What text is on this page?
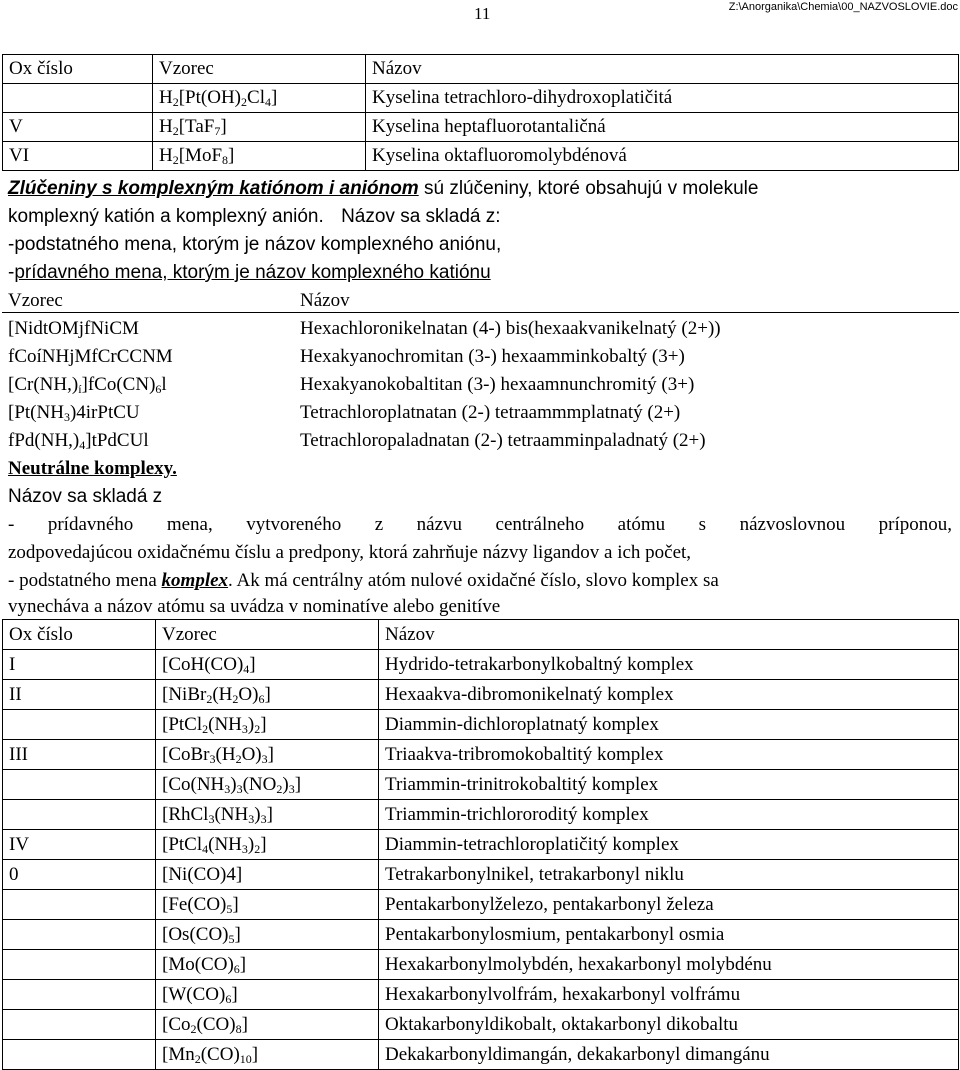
11	Z:\Anorganika\Chemia\00_NAZVOSLOVIE.doc
Ox číslo	Vzorec	Názov
	$H_2[Pt(OH)_2Cl_4]$	Kyselina tetrachloro-dihydroxoplatičitá
V	$H_2[TaF_7]$	Kyselina heptafluorotantaličná
VI	$H_2[MoF_8]$	Kyselina oktafluoromolybdénová
Zlúčeniny s komplexným katiónom i aniónom sú zlúčeniny, ktoré obsahujú v molekule
komplexný katión a komplexný anión. Názov sa skladá z:
-podstatného mena, ktorým je názov komplexného aniónu,
-prídavného mena, ktorým je názov komplexného katiónu
Vzorec	Názov
[NidtOMjfNiCM	Hexachloronikelnatan (4-) bis(hexaakvanikelnatý (2+))
fCoíNHjMfCrCCNM	Hexakyanochromitan (3-) hexaamminkobaltý (3+)
$[Cr(NH,)_í]fCo(CN)_6l$	Hexakyanokobaltitan (3-) hexaamnunchromitý (3+)
[$Pt(NH_3)4irPtCU$	Tetrachloroplatnatan (2-) tetraammmplatnatý (2+)
$fPd(NH,)_4]tPdCUl$	Tetrachloropaladnatan (2-) tetraamminpaladnatý (2+)
Neutrálne komplexy.
Názov sa skladá z
- prídavného mena, vytvoreného z názvu centrálneho atómu s názvoslovnou príponou,
zodpovedajúcou oxidačnému číslu a predpony, ktorá zahrňuje názvy ligandov a ich počet,
- podstatného mena komplex. Ak má centrálny atóm nulové oxidačné číslo, slovo komplex sa
vynecháva a názov atómu sa uvádza v nominatíve alebo genitíve
Ox číslo	Vzorec	Názov
I	$[CoH(CO)_4]$	Hydrido-tetrakarbonylkobaltný komplex
II	$[NiBr_2(H_2O)_6]$	Hexaakva-dibromonikelnatý komplex
	$[PtCl_2(NH_3)_2]$	Diammin-dichloroplatnatý komplex
III	$[CoBr_3(H_2O)_3]$	Triaakva-tribromokobaltitý komplex
	$[Co(NH_3)_3(NO_2)_3]$	Triammin-trinitrokobaltitý komplex
	$[RhCl_3(NH_3)_3]$	Triammin-trichlororoditý komplex
IV	$[PtCl_4(NH_3)_2]$	Diammin-tetrachloroplatičitý komplex
0	[Ni(CO)4]	Tetrakarbonylnikel, tetrakarbonyl niklu
	$[Fe(CO)_5]$	Pentakarbonylželezo, pentakarbonyl železa
	$[Os(CO)_5]$	Pentakarbonylosmium, pentakarbonyl osmia
	$[Mo(CO)_6]$	Hexakarbonylmolybdén, hexakarbonyl molybdénu
	$[W(CO)_6]$	Hexakarbonylvolfrám, hexakarbonyl volfrámu
	$[Co_2(CO)_8]$	Oktakarbonyldikobalt, oktakarbonyl dikobaltu
	$[Mn_2(CO)_{10}]$	Dekakarbonyldimangán, dekakarbonyl dimangánu
